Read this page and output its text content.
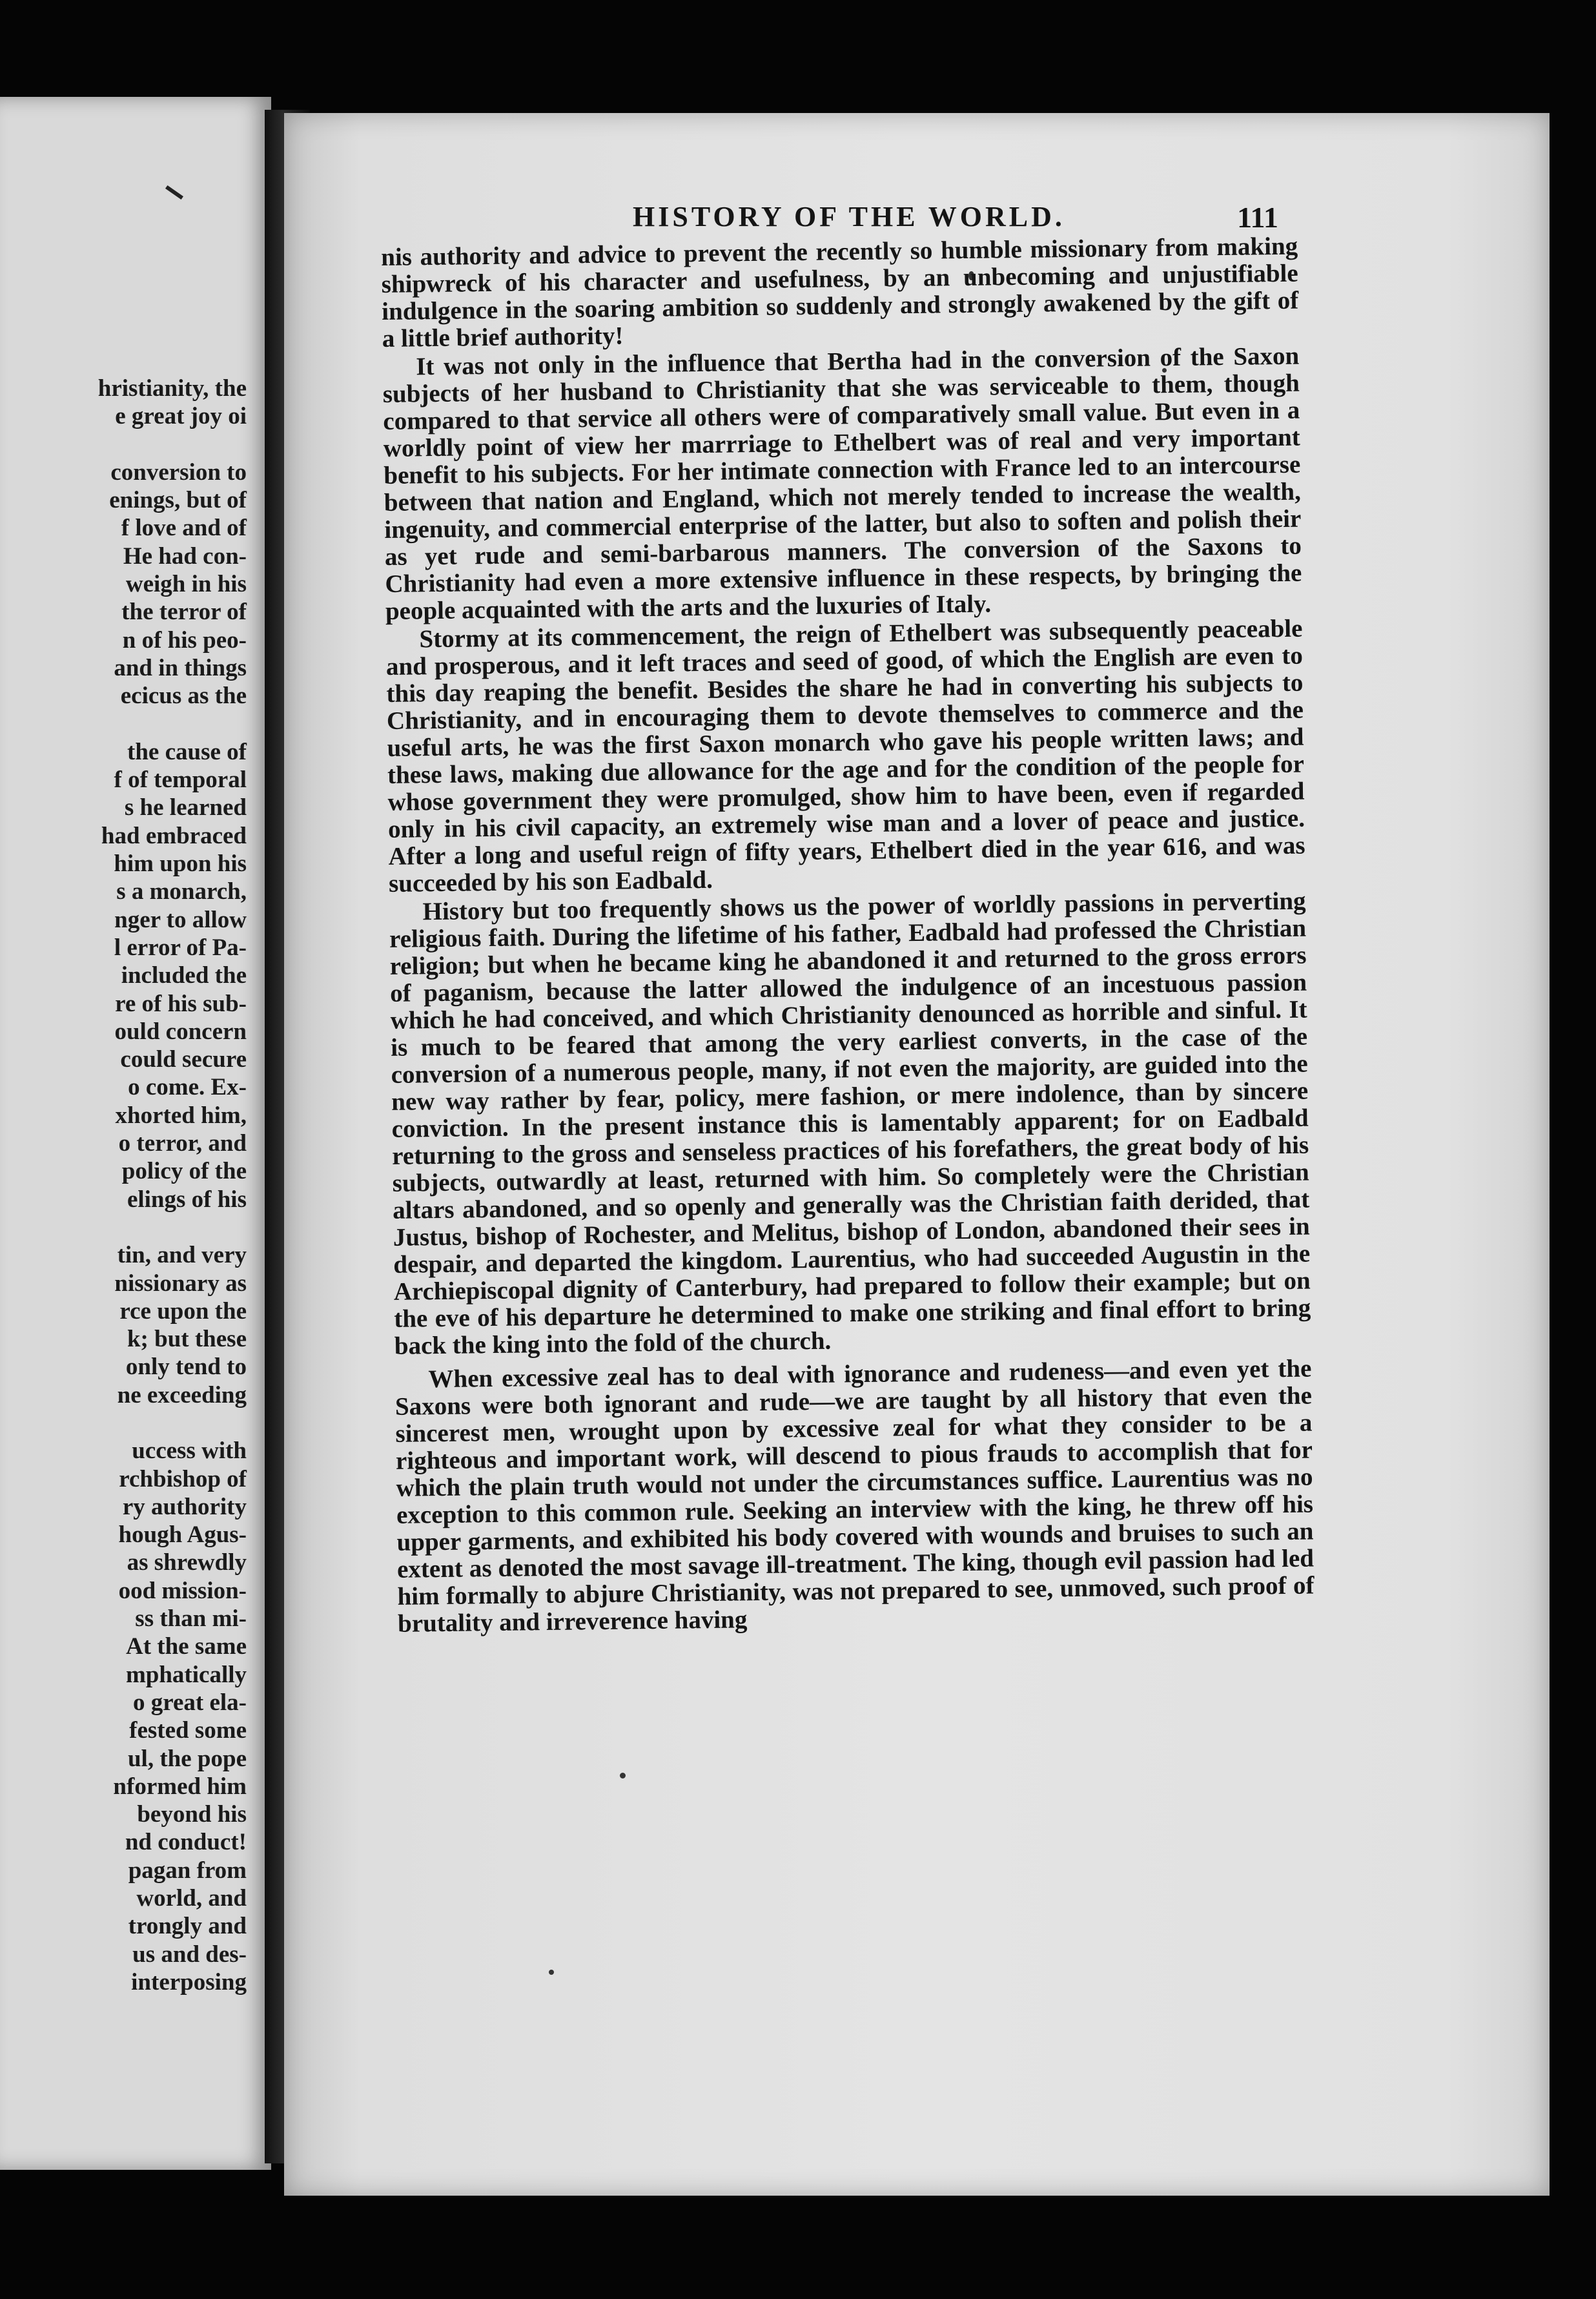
hristianity, the
e great joy oi
conversion to
enings, but of
f love and of
He had con-
weigh in his
the terror of
n of his peo-
and in things
ecicus as the
the cause of
f of temporal
s he learned
had embraced
him upon his
s a monarch,
nger to allow
l error of Pa-
included the
re of his sub-
ould concern
could secure
o come. Ex-
xhorted him,
o terror, and
policy of the
elings of his
tin, and very
nissionary as
rce upon the
k; but these
only tend to
ne exceeding
uccess with
rchbishop of
ry authority
hough Agus-
as shrewdly
ood mission-
ss than mi-
At the same
mphatically
o great ela-
fested some
ul, the pope
nformed him
beyond his
nd conduct!
pagan from
world, and
trongly and
us and des-
interposing
HISTORY OF THE WORLD.	111

nis authority and advice to prevent the recently so humble missionary from making shipwreck of his character and usefulness, by an unbecoming and unjustifiable indulgence in the soaring ambition so suddenly and strongly awakened by the gift of a little brief authority!

It was not only in the influence that Bertha had in the conversion of the Saxon subjects of her husband to Christianity that she was serviceable to them, though compared to that service all others were of comparatively small value. But even in a worldly point of view her marrriage to Ethelbert was of real and very important benefit to his subjects. For her intimate connection with France led to an intercourse between that nation and England, which not merely tended to increase the wealth, ingenuity, and commercial enterprise of the latter, but also to soften and polish their as yet rude and semi-barbarous manners. The conversion of the Saxons to Christianity had even a more extensive influence in these respects, by bringing the people acquainted with the arts and the luxuries of Italy.

Stormy at its commencement, the reign of Ethelbert was subsequently peaceable and prosperous, and it left traces and seed of good, of which the English are even to this day reaping the benefit. Besides the share he had in converting his subjects to Christianity, and in encouraging them to devote themselves to commerce and the useful arts, he was the first Saxon monarch who gave his people written laws; and these laws, making due allowance for the age and for the condition of the people for whose government they were promulged, show him to have been, even if regarded only in his civil capacity, an extremely wise man and a lover of peace and justice. After a long and useful reign of fifty years, Ethelbert died in the year 616, and was succeeded by his son Eadbald.

History but too frequently shows us the power of worldly passions in perverting religious faith. During the lifetime of his father, Eadbald had professed the Christian religion; but when he became king he abandoned it and returned to the gross errors of paganism, because the latter allowed the indulgence of an incestuous passion which he had conceived, and which Christianity denounced as horrible and sinful. It is much to be feared that among the very earliest converts, in the case of the conversion of a numerous people, many, if not even the majority, are guided into the new way rather by fear, policy, mere fashion, or mere indolence, than by sincere conviction. In the present instance this is lamentably apparent; for on Eadbald returning to the gross and senseless practices of his forefathers, the great body of his subjects, outwardly at least, returned with him. So completely were the Christian altars abandoned, and so openly and generally was the Christian faith derided, that Justus, bishop of Rochester, and Melitus, bishop of London, abandoned their sees in despair, and departed the kingdom. Laurentius, who had succeeded Augustin in the Archiepiscopal dignity of Canterbury, had prepared to follow their example; but on the eve of his departure he determined to make one striking and final effort to bring back the king into the fold of the church.

When excessive zeal has to deal with ignorance and rudeness—and even yet the Saxons were both ignorant and rude—we are taught by all history that even the sincerest men, wrought upon by excessive zeal for what they consider to be a righteous and important work, will descend to pious frauds to accomplish that for which the plain truth would not under the circumstances suffice. Laurentius was no exception to this common rule. Seeking an interview with the king, he threw off his upper garments, and exhibited his body covered with wounds and bruises to such an extent as denoted the most savage ill-treatment. The king, though evil passion had led him formally to abjure Christianity, was not prepared to see, unmoved, such proof of brutality and irreverence having
